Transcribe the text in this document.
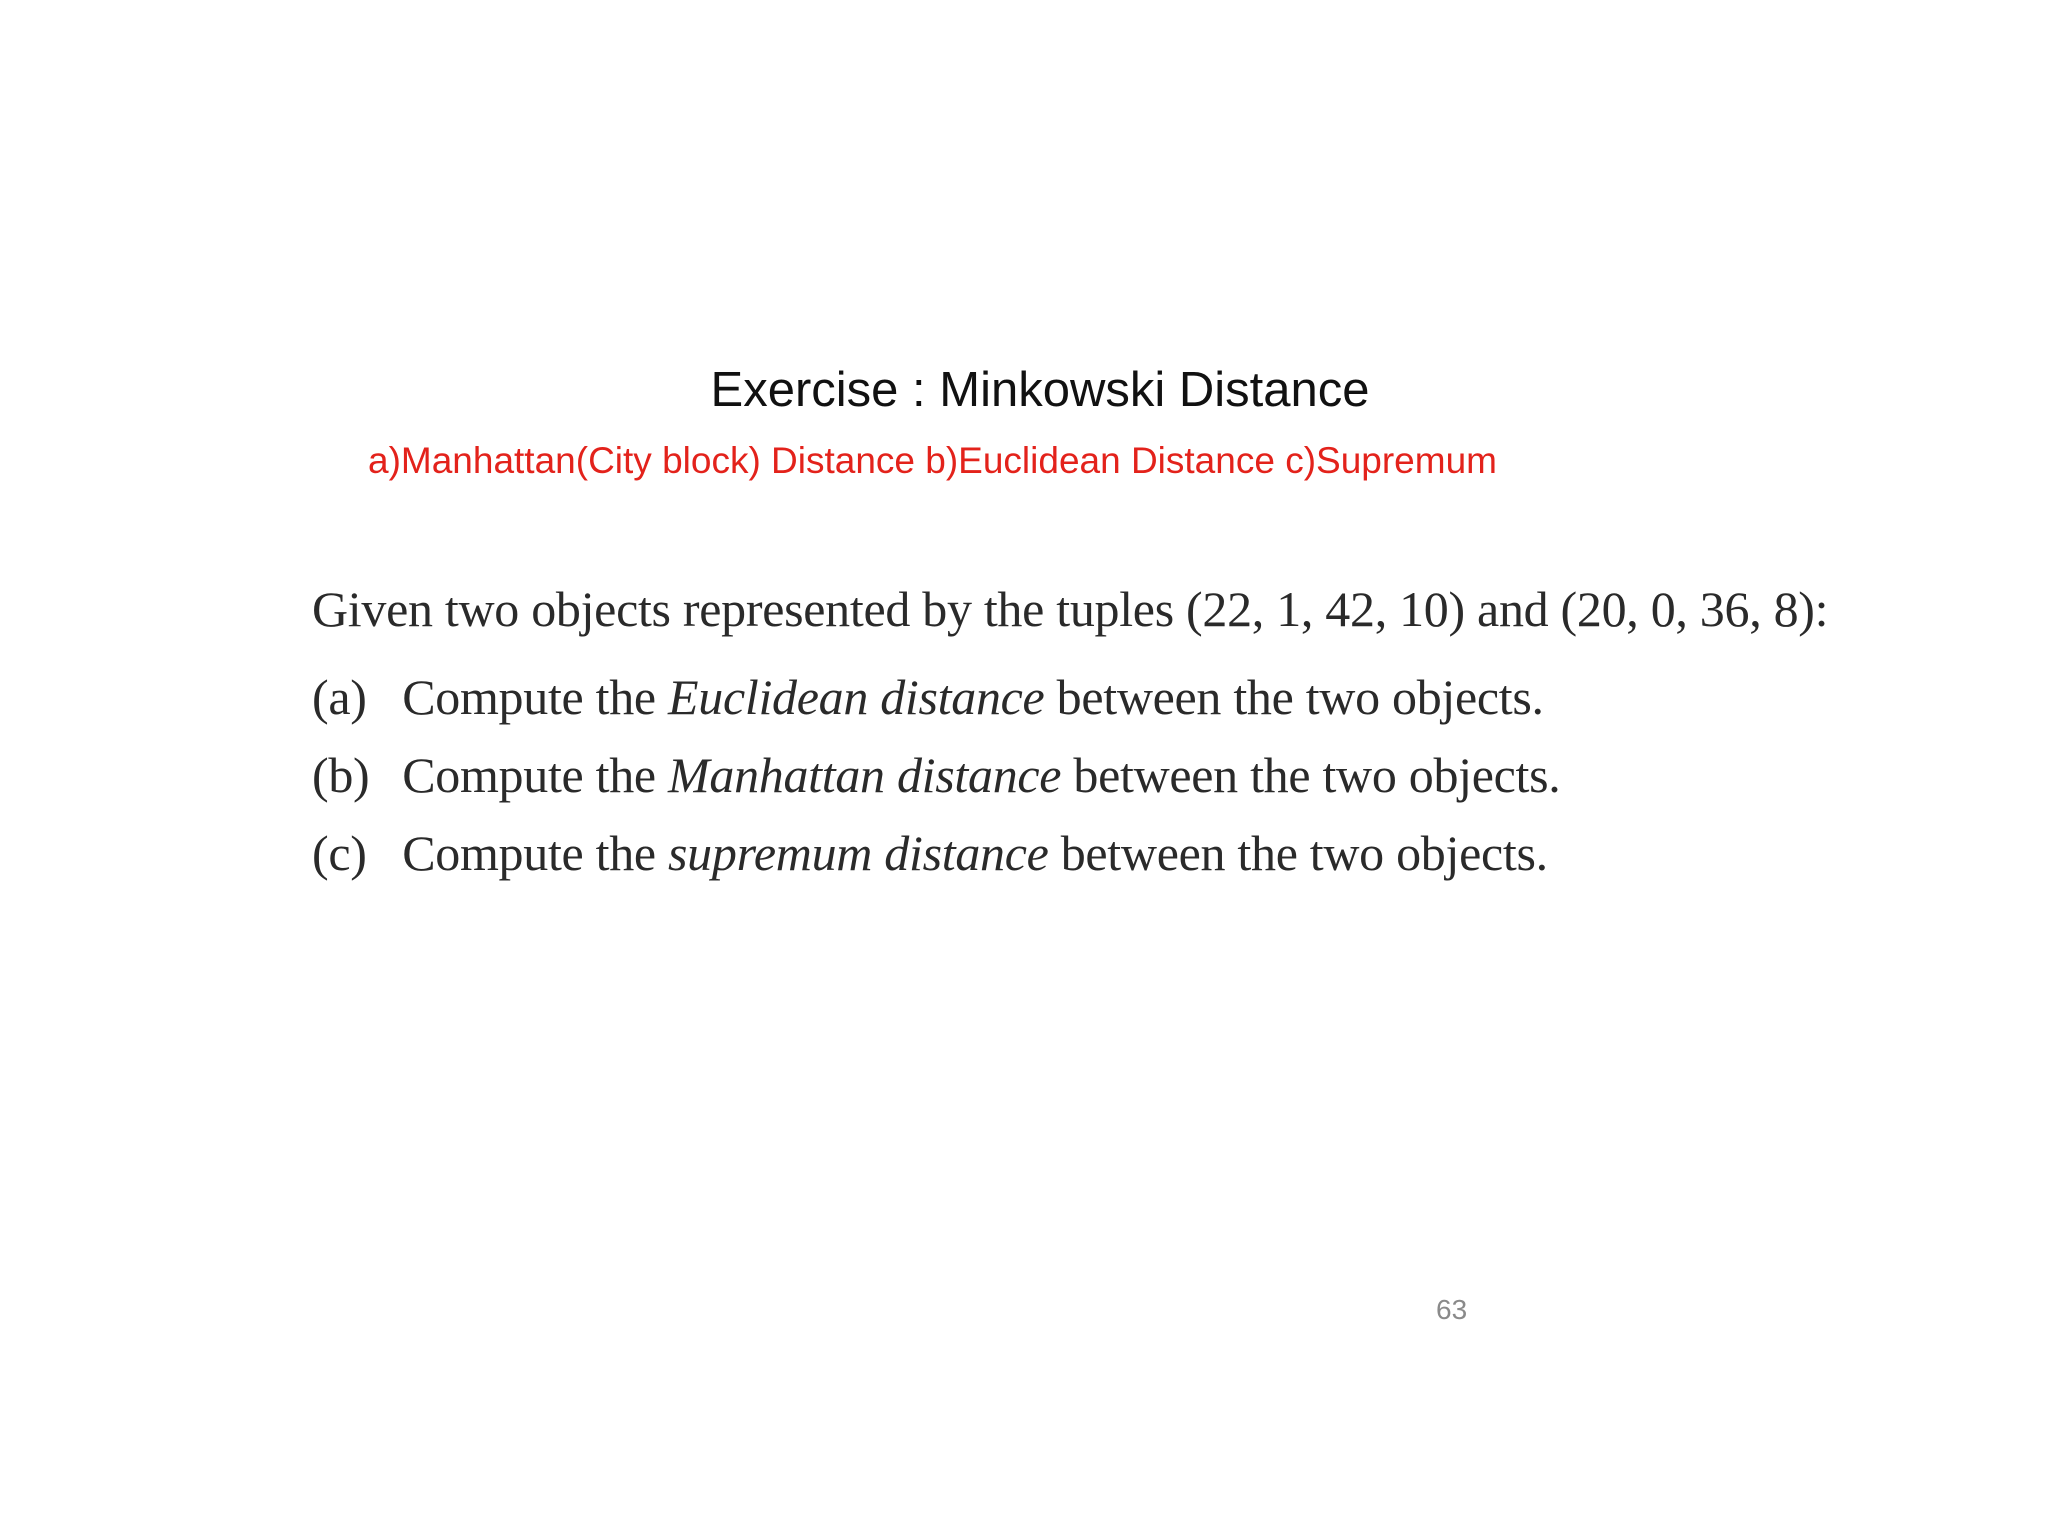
Exercise : Minkowski Distance
a)Manhattan(City block) Distance b)Euclidean Distance c)Supremum

Given two objects represented by the tuples (22, 1, 42, 10) and (20, 0, 36, 8):

(a) Compute the Euclidean distance between the two objects.

(b) Compute the Manhattan distance between the two objects.

(c) Compute the supremum distance between the two objects.

63
